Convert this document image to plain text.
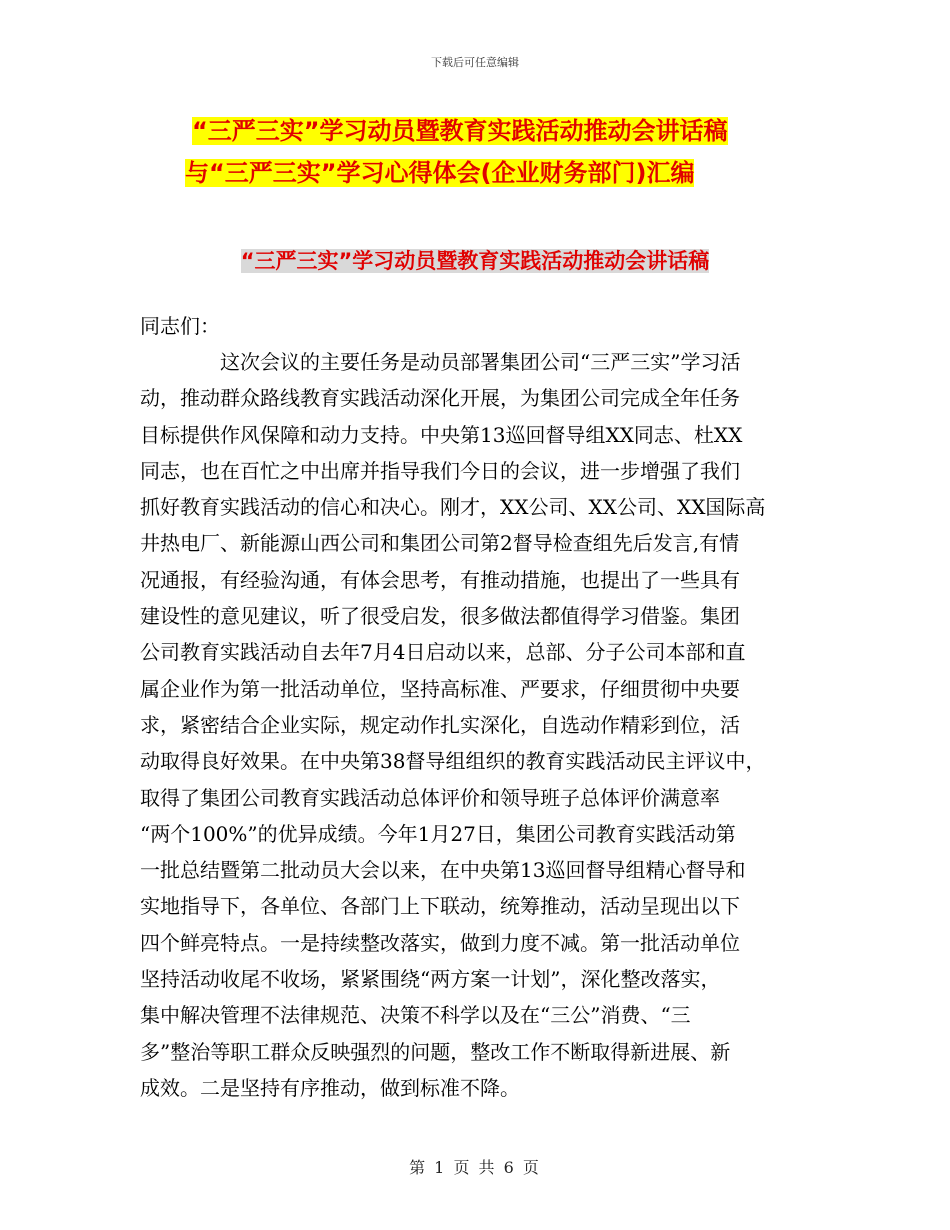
下载后可任意编辑
“三严三实”学习动员暨教育实践活动推动会讲话稿
与“三严三实”学习心得体会(企业财务部门)汇编
“三严三实”学习动员暨教育实践活动推动会讲话稿
同志们：
这次会议的主要任务是动员部署集团公司“三严三实”学习活
动，推动群众路线教育实践活动深化开展，为集团公司完成全年任务
目标提供作风保障和动力支持。中央第13巡回督导组XX同志、杜XX
同志，也在百忙之中出席并指导我们今日的会议，进一步增强了我们
抓好教育实践活动的信心和决心。刚才，XX公司、XX公司、XX国际高
井热电厂、新能源山西公司和集团公司第2督导检查组先后发言,有情
况通报，有经验沟通，有体会思考，有推动措施，也提出了一些具有
建设性的意见建议，听了很受启发，很多做法都值得学习借鉴。集团
公司教育实践活动自去年7月4日启动以来，总部、分子公司本部和直
属企业作为第一批活动单位，坚持高标准、严要求，仔细贯彻中央要
求，紧密结合企业实际，规定动作扎实深化，自选动作精彩到位，活
动取得良好效果。在中央第38督导组组织的教育实践活动民主评议中，
取得了集团公司教育实践活动总体评价和领导班子总体评价满意率
“两个100%”的优异成绩。今年1月27日，集团公司教育实践活动第
一批总结暨第二批动员大会以来，在中央第13巡回督导组精心督导和
实地指导下，各单位、各部门上下联动，统筹推动，活动呈现出以下
四个鲜亮特点。一是持续整改落实，做到力度不减。第一批活动单位
坚持活动收尾不收场，紧紧围绕“两方案一计划”，深化整改落实，
集中解决管理不法律规范、决策不科学以及在“三公”消费、“三
多”整治等职工群众反映强烈的问题，整改工作不断取得新进展、新
成效。二是坚持有序推动，做到标准不降。
第 1 页 共 6 页
